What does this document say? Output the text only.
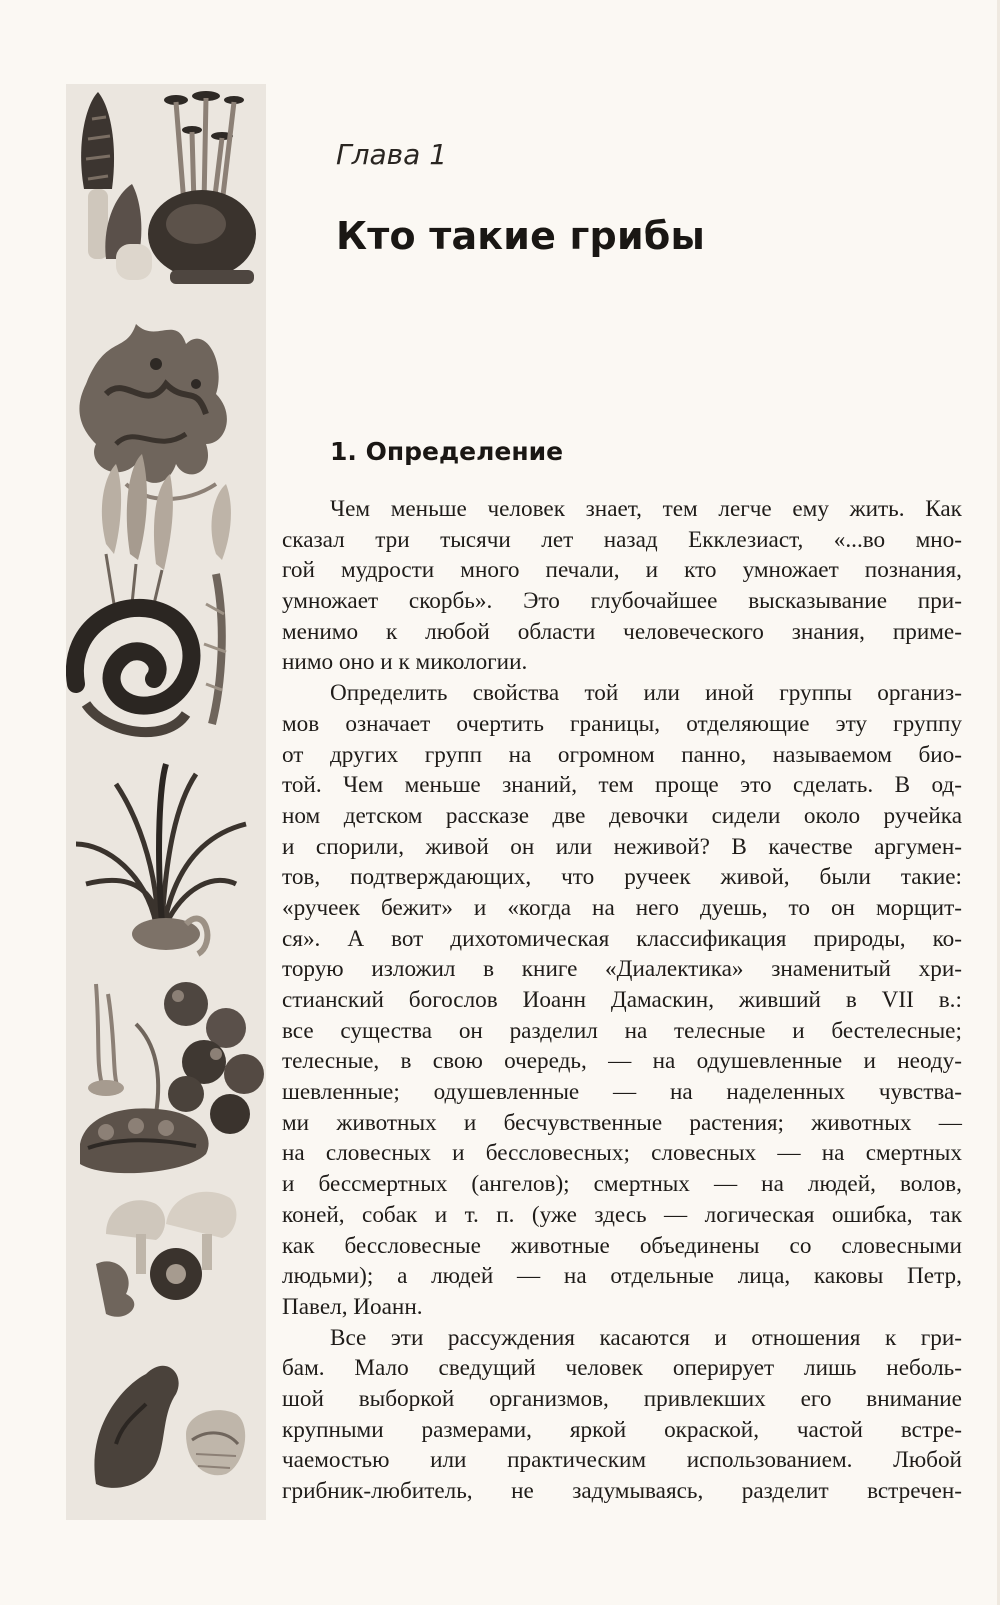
Глава 1
Кто такие грибы
1. Определение
Чем меньше человек знает, тем легче ему жить. Как
сказал три тысячи лет назад Екклезиаст, «...во мно-
гой мудрости много печали, и кто умножает познания,
умножает скорбь». Это глубочайшее высказывание при-
менимо к любой области человеческого знания, приме-
нимо оно и к микологии.
Определить свойства той или иной группы организ-
мов означает очертить границы, отделяющие эту группу
от других групп на огромном панно, называемом био-
той. Чем меньше знаний, тем проще это сделать. В од-
ном детском рассказе две девочки сидели около ручейка
и спорили, живой он или неживой? В качестве аргумен-
тов, подтверждающих, что ручеек живой, были такие:
«ручеек бежит» и «когда на него дуешь, то он морщит-
ся». А вот дихотомическая классификация природы, ко-
торую изложил в книге «Диалектика» знаменитый хри-
стианский богослов Иоанн Дамаскин, живший в VII в.:
все существа он разделил на телесные и бестелесные;
телесные, в свою очередь, — на одушевленные и неоду-
шевленные; одушевленные — на наделенных чувства-
ми животных и бесчувственные растения; животных —
на словесных и бессловесных; словесных — на смертных
и бессмертных (ангелов); смертных — на людей, волов,
коней, собак и т. п. (уже здесь — логическая ошибка, так
как бессловесные животные объединены со словесными
людьми); а людей — на отдельные лица, каковы Петр,
Павел, Иоанн.
Все эти рассуждения касаются и отношения к гри-
бам. Мало сведущий человек оперирует лишь неболь-
шой выборкой организмов, привлекших его внимание
крупными размерами, яркой окраской, частой встре-
чаемостью или практическим использованием. Любой
грибник-любитель, не задумываясь, разделит встречен-
